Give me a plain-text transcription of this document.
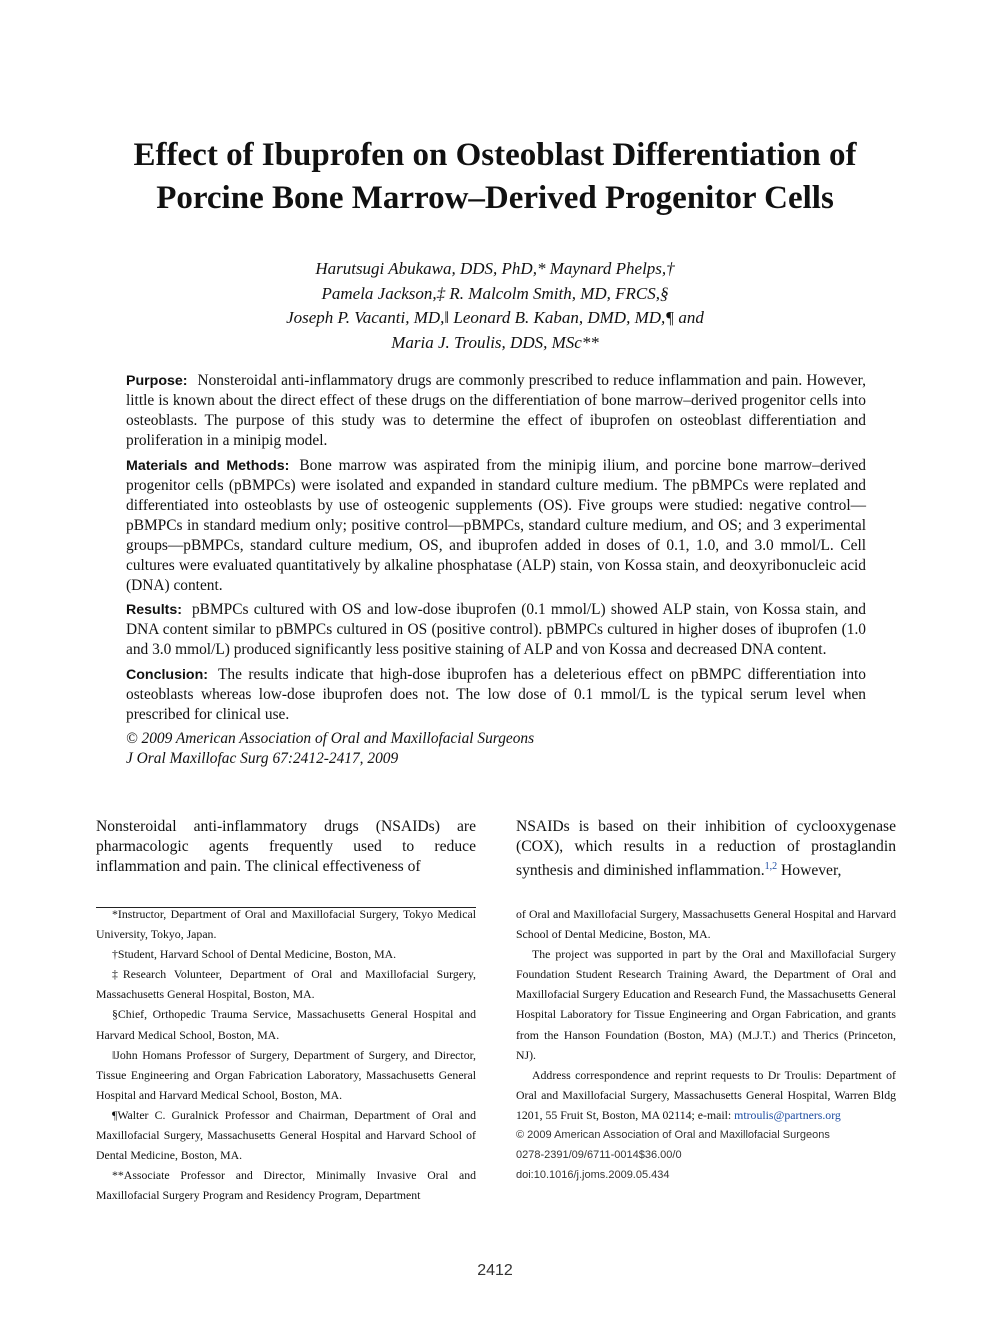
Effect of Ibuprofen on Osteoblast Differentiation of Porcine Bone Marrow–Derived Progenitor Cells
Harutsugi Abukawa, DDS, PhD,* Maynard Phelps,†
Pamela Jackson,‡ R. Malcolm Smith, MD, FRCS,§
Joseph P. Vacanti, MD,‖ Leonard B. Kaban, DMD, MD,¶ and
Maria J. Troulis, DDS, MSc**

Purpose: Nonsteroidal anti-inflammatory drugs are commonly prescribed to reduce inflammation and pain. However, little is known about the direct effect of these drugs on the differentiation of bone marrow–derived progenitor cells into osteoblasts. The purpose of this study was to determine the effect of ibuprofen on osteoblast differentiation and proliferation in a minipig model.

Materials and Methods: Bone marrow was aspirated from the minipig ilium, and porcine bone marrow–derived progenitor cells (pBMPCs) were isolated and expanded in standard culture medium. The pBMPCs were replated and differentiated into osteoblasts by use of osteogenic supplements (OS). Five groups were studied: negative control—pBMPCs in standard medium only; positive control—pBMPCs, standard culture medium, and OS; and 3 experimental groups—pBMPCs, standard culture medium, OS, and ibuprofen added in doses of 0.1, 1.0, and 3.0 mmol/L. Cell cultures were evaluated quantitatively by alkaline phosphatase (ALP) stain, von Kossa stain, and deoxyribonucleic acid (DNA) content.

Results: pBMPCs cultured with OS and low-dose ibuprofen (0.1 mmol/L) showed ALP stain, von Kossa stain, and DNA content similar to pBMPCs cultured in OS (positive control). pBMPCs cultured in higher doses of ibuprofen (1.0 and 3.0 mmol/L) produced significantly less positive staining of ALP and von Kossa and decreased DNA content.

Conclusion: The results indicate that high-dose ibuprofen has a deleterious effect on pBMPC differentiation into osteoblasts whereas low-dose ibuprofen does not. The low dose of 0.1 mmol/L is the typical serum level when prescribed for clinical use.

© 2009 American Association of Oral and Maxillofacial Surgeons

J Oral Maxillofac Surg 67:2412-2417, 2009

Nonsteroidal anti-inflammatory drugs (NSAIDs) are pharmacologic agents frequently used to reduce inflammation and pain. The clinical effectiveness of
NSAIDs is based on their inhibition of cyclooxygenase (COX), which results in a reduction of prostaglandin synthesis and diminished inflammation.$^{1,2}$ However,

*Instructor, Department of Oral and Maxillofacial Surgery, Tokyo Medical University, Tokyo, Japan.

†Student, Harvard School of Dental Medicine, Boston, MA.

‡Research Volunteer, Department of Oral and Maxillofacial Surgery, Massachusetts General Hospital, Boston, MA.

§Chief, Orthopedic Trauma Service, Massachusetts General Hospital and Harvard Medical School, Boston, MA.

‖John Homans Professor of Surgery, Department of Surgery, and Director, Tissue Engineering and Organ Fabrication Laboratory, Massachusetts General Hospital and Harvard Medical School, Boston, MA.

¶Walter C. Guralnick Professor and Chairman, Department of Oral and Maxillofacial Surgery, Massachusetts General Hospital and Harvard School of Dental Medicine, Boston, MA.

**Associate Professor and Director, Minimally Invasive Oral and Maxillofacial Surgery Program and Residency Program, Department

of Oral and Maxillofacial Surgery, Massachusetts General Hospital and Harvard School of Dental Medicine, Boston, MA.

The project was supported in part by the Oral and Maxillofacial Surgery Foundation Student Research Training Award, the Department of Oral and Maxillofacial Surgery Education and Research Fund, the Massachusetts General Hospital Laboratory for Tissue Engineering and Organ Fabrication, and grants from the Hanson Foundation (Boston, MA) (M.J.T.) and Therics (Princeton, NJ).

Address correspondence and reprint requests to Dr Troulis: Department of Oral and Maxillofacial Surgery, Massachusetts General Hospital, Warren Bldg 1201, 55 Fruit St, Boston, MA 02114; e-mail: mtroulis@partners.org

© 2009 American Association of Oral and Maxillofacial Surgeons

0278-2391/09/6711-0014$36.00/0

doi:10.1016/j.joms.2009.05.434

2412
